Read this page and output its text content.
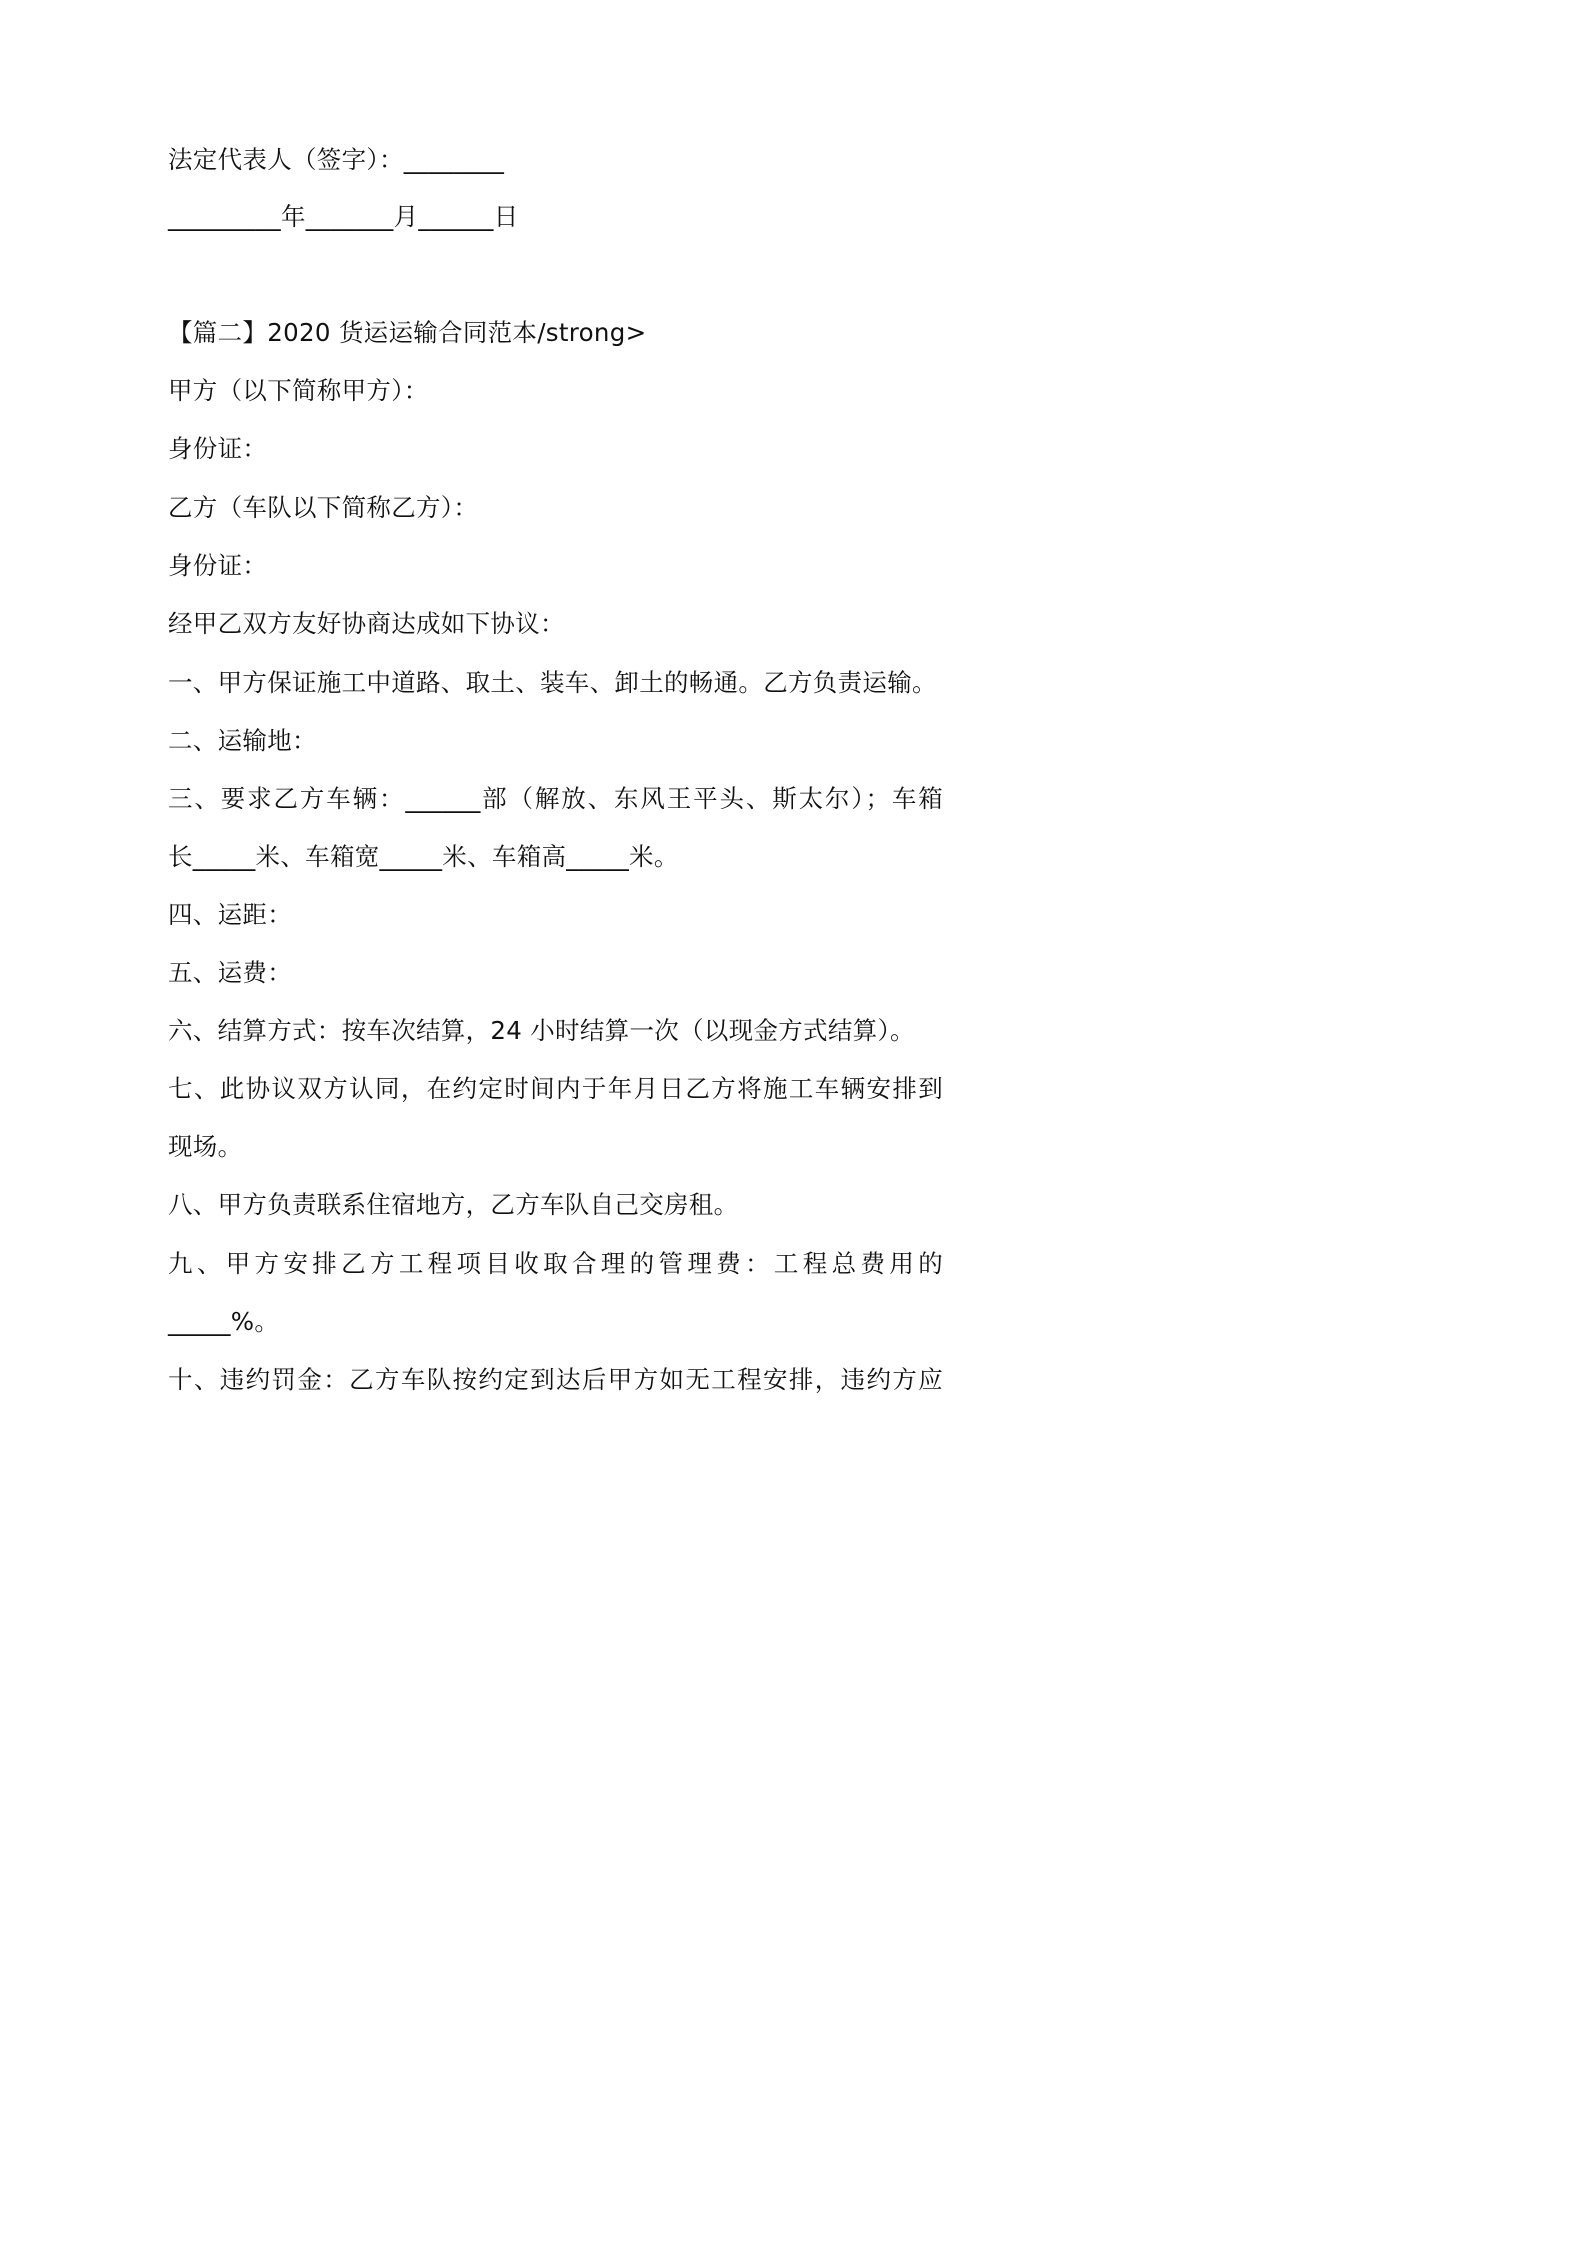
法定代表人（签字）：________
_________年_______月______日
【篇二】2020 货运运输合同范本/strong>
甲方（以下简称甲方）：
身份证：
乙方（车队以下简称乙方）：
身份证：
经甲乙双方友好协商达成如下协议：
一、甲方保证施工中道路、取土、装车、卸土的畅通。乙方负责运输。
二、运输地：
三、要求乙方车辆：______部（解放、东风王平头、斯太尔）；车箱
长_____米、车箱宽_____米、车箱高_____米。
四、运距：
五、运费：
六、结算方式：按车次结算，24 小时结算一次（以现金方式结算）。
七、此协议双方认同，在约定时间内于年月日乙方将施工车辆安排到
现场。
八、甲方负责联系住宿地方，乙方车队自己交房租。
九、甲方安排乙方工程项目收取合理的管理费：工程总费用的
_____%。
十、违约罚金：乙方车队按约定到达后甲方如无工程安排，违约方应
